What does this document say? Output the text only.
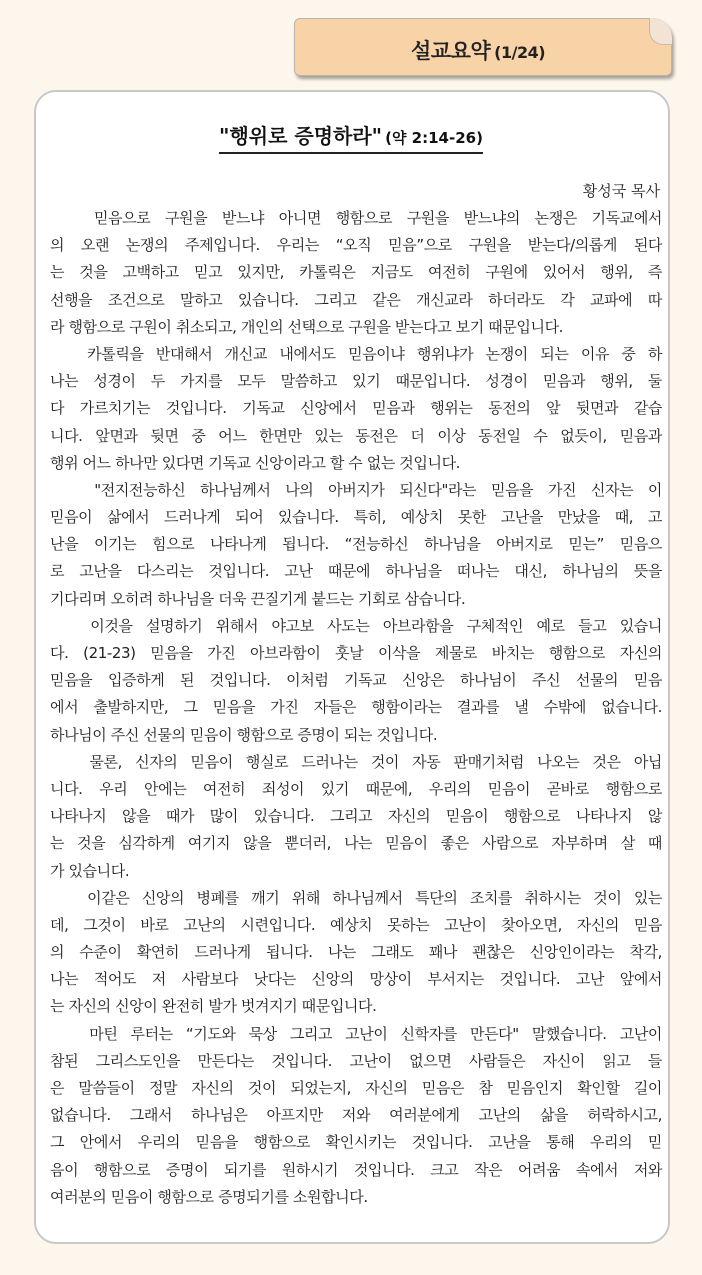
설교요약 (1/24)
"행위로 증명하라" (약 2:14-26)
황성국 목사
믿음으로 구원을 받느냐 아니면 행함으로 구원을 받느냐의 논쟁은 기독교에서
의 오랜 논쟁의 주제입니다. 우리는 “오직 믿음”으로 구원을 받는다/의롭게 된다
는 것을 고백하고 믿고 있지만, 카톨릭은 지금도 여전히 구원에 있어서 행위, 즉
선행을 조건으로 말하고 있습니다. 그리고 같은 개신교라 하더라도 각 교파에 따
라 행함으로 구원이 취소되고, 개인의 선택으로 구원을 받는다고 보기 때문입니다.
카톨릭을 반대해서 개신교 내에서도 믿음이냐 행위냐가 논쟁이 되는 이유 중 하
나는 성경이 두 가지를 모두 말씀하고 있기 때문입니다. 성경이 믿음과 행위, 둘
다 가르치기는 것입니다. 기독교 신앙에서 믿음과 행위는 동전의 앞 뒷면과 같습
니다. 앞면과 뒷면 중 어느 한면만 있는 동전은 더 이상 동전일 수 없듯이, 믿음과
행위 어느 하나만 있다면 기독교 신앙이라고 할 수 없는 것입니다.
"전지전능하신 하나님께서 나의 아버지가 되신다"라는 믿음을 가진 신자는 이
믿음이 삶에서 드러나게 되어 있습니다. 특히, 예상치 못한 고난을 만났을 때, 고
난을 이기는 힘으로 나타나게 됩니다. “전능하신 하나님을 아버지로 믿는” 믿음으
로 고난을 다스리는 것입니다. 고난 때문에 하나님을 떠나는 대신, 하나님의 뜻을
기다리며 오히려 하나님을 더욱 끈질기게 붙드는 기회로 삼습니다.
이것을 설명하기 위해서 야고보 사도는 아브라함을 구체적인 예로 들고 있습니
다. (21-23) 믿음을 가진 아브라함이 훗날 이삭을 제물로 바치는 행함으로 자신의
믿음을 입증하게 된 것입니다. 이처럼 기독교 신앙은 하나님이 주신 선물의 믿음
에서 출발하지만, 그 믿음을 가진 자들은 행함이라는 결과를 낼 수밖에 없습니다.
하나님이 주신 선물의 믿음이 행함으로 증명이 되는 것입니다.
물론, 신자의 믿음이 행실로 드러나는 것이 자동 판매기처럼 나오는 것은 아닙
니다. 우리 안에는 여전히 죄성이 있기 때문에, 우리의 믿음이 곧바로 행함으로
나타나지 않을 때가 많이 있습니다. 그리고 자신의 믿음이 행함으로 나타나지 않
는 것을 심각하게 여기지 않을 뿐더러, 나는 믿음이 좋은 사람으로 자부하며 살 때
가 있습니다.
이같은 신앙의 병폐를 깨기 위해 하나님께서 특단의 조치를 취하시는 것이 있는
데, 그것이 바로 고난의 시련입니다. 예상치 못하는 고난이 찾아오면, 자신의 믿음
의 수준이 확연히 드러나게 됩니다. 나는 그래도 꽤나 괜찮은 신앙인이라는 착각,
나는 적어도 저 사람보다 낫다는 신앙의 망상이 부서지는 것입니다. 고난 앞에서
는 자신의 신앙이 완전히 발가 벗겨지기 때문입니다.
마틴 루터는 “기도와 묵상 그리고 고난이 신학자를 만든다" 말했습니다. 고난이
참된 그리스도인을 만든다는 것입니다. 고난이 없으면 사람들은 자신이 읽고 들
은 말씀들이 정말 자신의 것이 되었는지, 자신의 믿음은 참 믿음인지 확인할 길이
없습니다. 그래서 하나님은 아프지만 저와 여러분에게 고난의 삶을 허락하시고,
그 안에서 우리의 믿음을 행함으로 확인시키는 것입니다. 고난을 통해 우리의 믿
음이 행함으로 증명이 되기를 원하시기 것입니다. 크고 작은 어려움 속에서 저와
여러분의 믿음이 행함으로 증명되기를 소원합니다.
